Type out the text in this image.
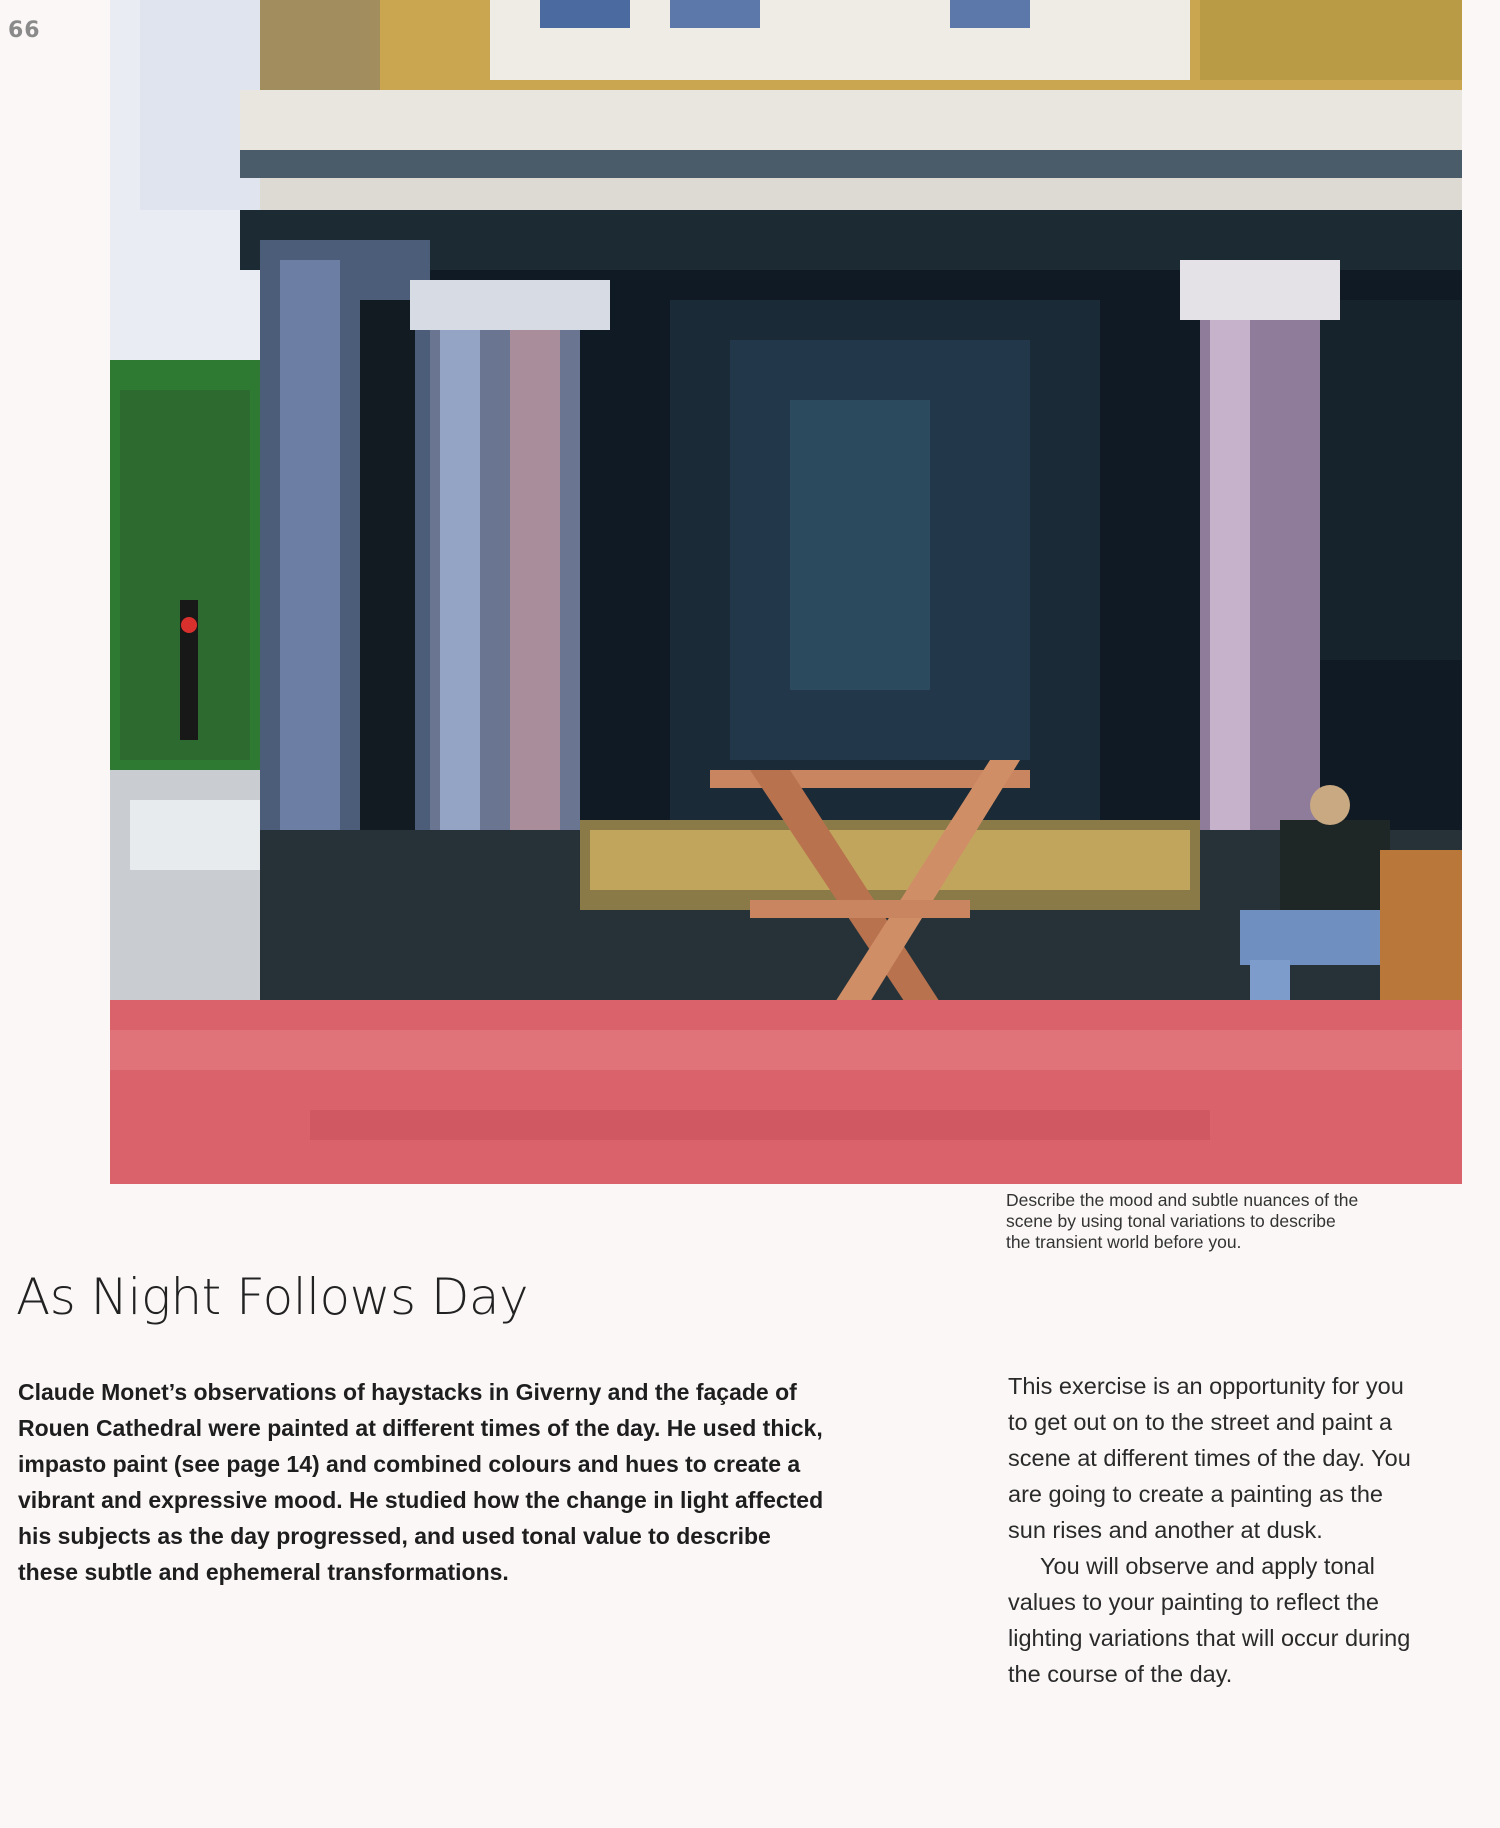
66
Describe the mood and subtle nuances of the
scene by using tonal variations to describe
the transient world before you.
As Night Follows Day
Claude Monet’s observations of haystacks in Giverny and the façade of
Rouen Cathedral were painted at different times of the day. He used thick,
impasto paint (see page 14) and combined colours and hues to create a
vibrant and expressive mood. He studied how the change in light affected
his subjects as the day progressed, and used tonal value to describe
these subtle and ephemeral transformations.
This exercise is an opportunity for you
to get out on to the street and paint a
scene at different times of the day. You
are going to create a painting as the
sun rises and another at dusk.
You will observe and apply tonal
values to your painting to reflect the
lighting variations that will occur during
the course of the day.
